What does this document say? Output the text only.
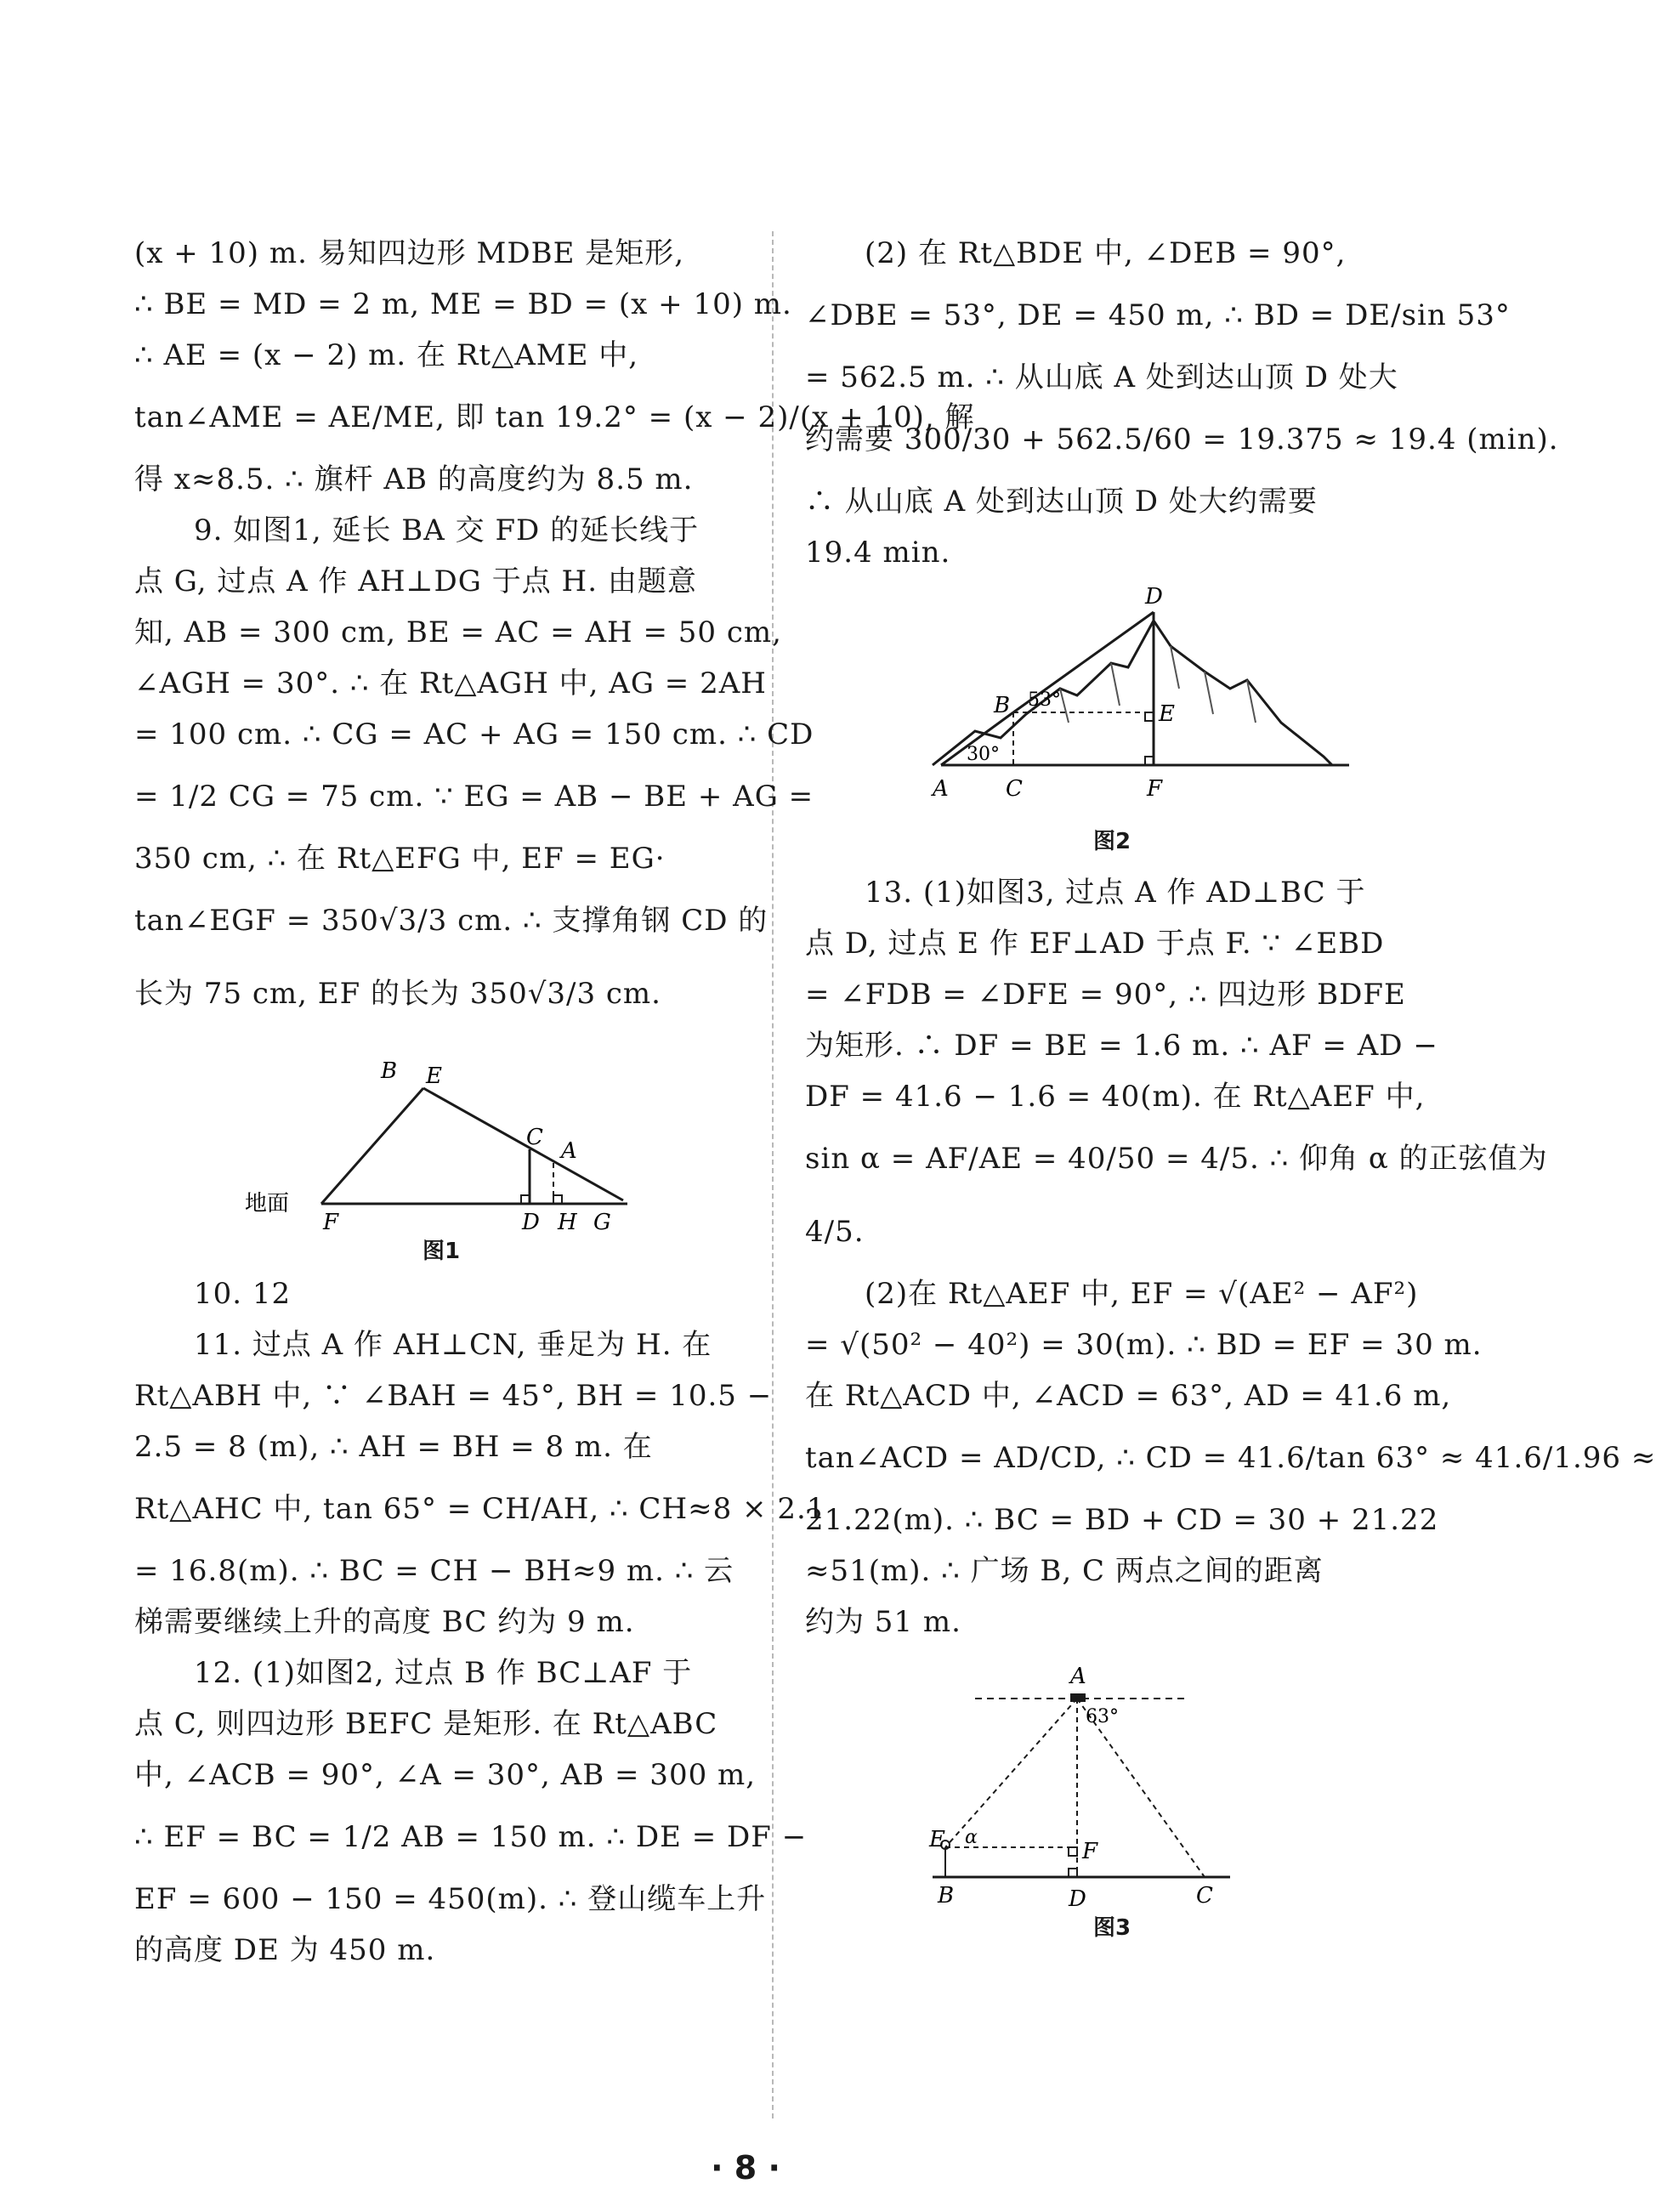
(x + 10) m. 易知四边形 MDBE 是矩形,
∴ BE = MD = 2 m, ME = BD = (x + 10) m.
∴ AE = (x − 2) m. 在 Rt△AME 中,
tan∠AME = AE/ME, 即 tan 19.2° = (x − 2)/(x + 10), 解
得 x≈8.5. ∴ 旗杆 AB 的高度约为 8.5 m.
9. 如图1, 延长 BA 交 FD 的延长线于
点 G, 过点 A 作 AH⊥DG 于点 H. 由题意
知, AB = 300 cm, BE = AC = AH = 50 cm,
∠AGH = 30°. ∴ 在 Rt△AGH 中, AG = 2AH
= 100 cm. ∴ CG = AC + AG = 150 cm. ∴ CD
= 1/2 CG = 75 cm. ∵ EG = AB − BE + AG =
350 cm, ∴ 在 Rt△EFG 中, EF = EG·
tan∠EGF = 350√3/3 cm. ∴ 支撑角钢 CD 的
长为 75 cm, EF 的长为 350√3/3 cm.
B E
C
A
F	D H G
地面
图1
10. 12
11. 过点 A 作 AH⊥CN, 垂足为 H. 在
Rt△ABH 中, ∵ ∠BAH = 45°, BH = 10.5 −
2.5 = 8 (m), ∴ AH = BH = 8 m. 在
Rt△AHC 中, tan 65° = CH/AH, ∴ CH≈8 × 2.1
= 16.8(m). ∴ BC = CH − BH≈9 m. ∴ 云
梯需要继续上升的高度 BC 约为 9 m.
12. (1)如图2, 过点 B 作 BC⊥AF 于
点 C, 则四边形 BEFC 是矩形. 在 Rt△ABC
中, ∠ACB = 90°, ∠A = 30°, AB = 300 m,
∴ EF = BC = 1/2 AB = 150 m. ∴ DE = DF −
EF = 600 − 150 = 450(m). ∴ 登山缆车上升
的高度 DE 为 450 m.
(2) 在 Rt△BDE 中, ∠DEB = 90°,
∠DBE = 53°, DE = 450 m, ∴ BD = DE/sin 53°
= 562.5 m. ∴ 从山底 A 处到达山顶 D 处大
约需要 300/30 + 562.5/60 = 19.375 ≈ 19.4 (min).
∴ 从山底 A 处到达山顶 D 处大约需要
19.4 min.
D
B	E
A	C	F
53°
30°
图2
13. (1)如图3, 过点 A 作 AD⊥BC 于
点 D, 过点 E 作 EF⊥AD 于点 F. ∵ ∠EBD
= ∠FDB = ∠DFE = 90°, ∴ 四边形 BDFE
为矩形. ∴ DF = BE = 1.6 m. ∴ AF = AD −
DF = 41.6 − 1.6 = 40(m). 在 Rt△AEF 中,
sin α = AF/AE = 40/50 = 4/5. ∴ 仰角 α 的正弦值为
4/5.
(2)在 Rt△AEF 中, EF = √(AE² − AF²)
= √(50² − 40²) = 30(m). ∴ BD = EF = 30 m.
在 Rt△ACD 中, ∠ACD = 63°, AD = 41.6 m,
tan∠ACD = AD/CD, ∴ CD = 41.6/tan 63° ≈ 41.6/1.96 ≈
21.22(m). ∴ BC = BD + CD = 30 + 21.22
≈51(m). ∴ 广场 B, C 两点之间的距离
约为 51 m.
A
E	F
B	D	C
63°
α
图3
· 8 ·
